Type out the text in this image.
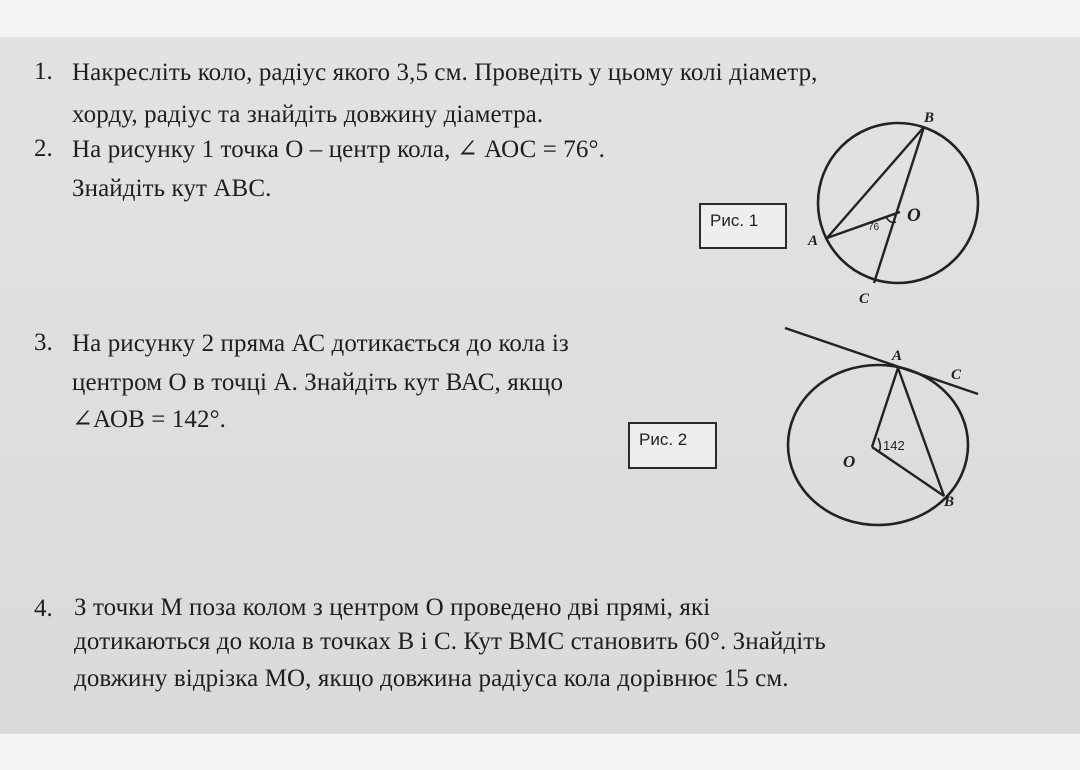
1. Накресліть коло, радіус якого 3,5 см. Проведіть у цьому колі діаметр,
хорду, радіус та знайдіть довжину діаметра.
2. На рисунку 1 точка О – центр кола, ∠ АОС = 76°.
Знайдіть кут АВС.
Рис. 1
B
A
O
C
76
3. На рисунку 2 пряма АС дотикається до кола із
центром О в точці А. Знайдіть кут ВАС, якщо
∠АОВ = 142°.
Рис. 2
A
C
O
B
142
4. З точки М поза колом з центром О проведено дві прямі, які
дотикаються до кола в точках В і С. Кут ВМС становить 60°. Знайдіть
довжину відрізка МО, якщо довжина радіуса кола дорівнює 15 см.
